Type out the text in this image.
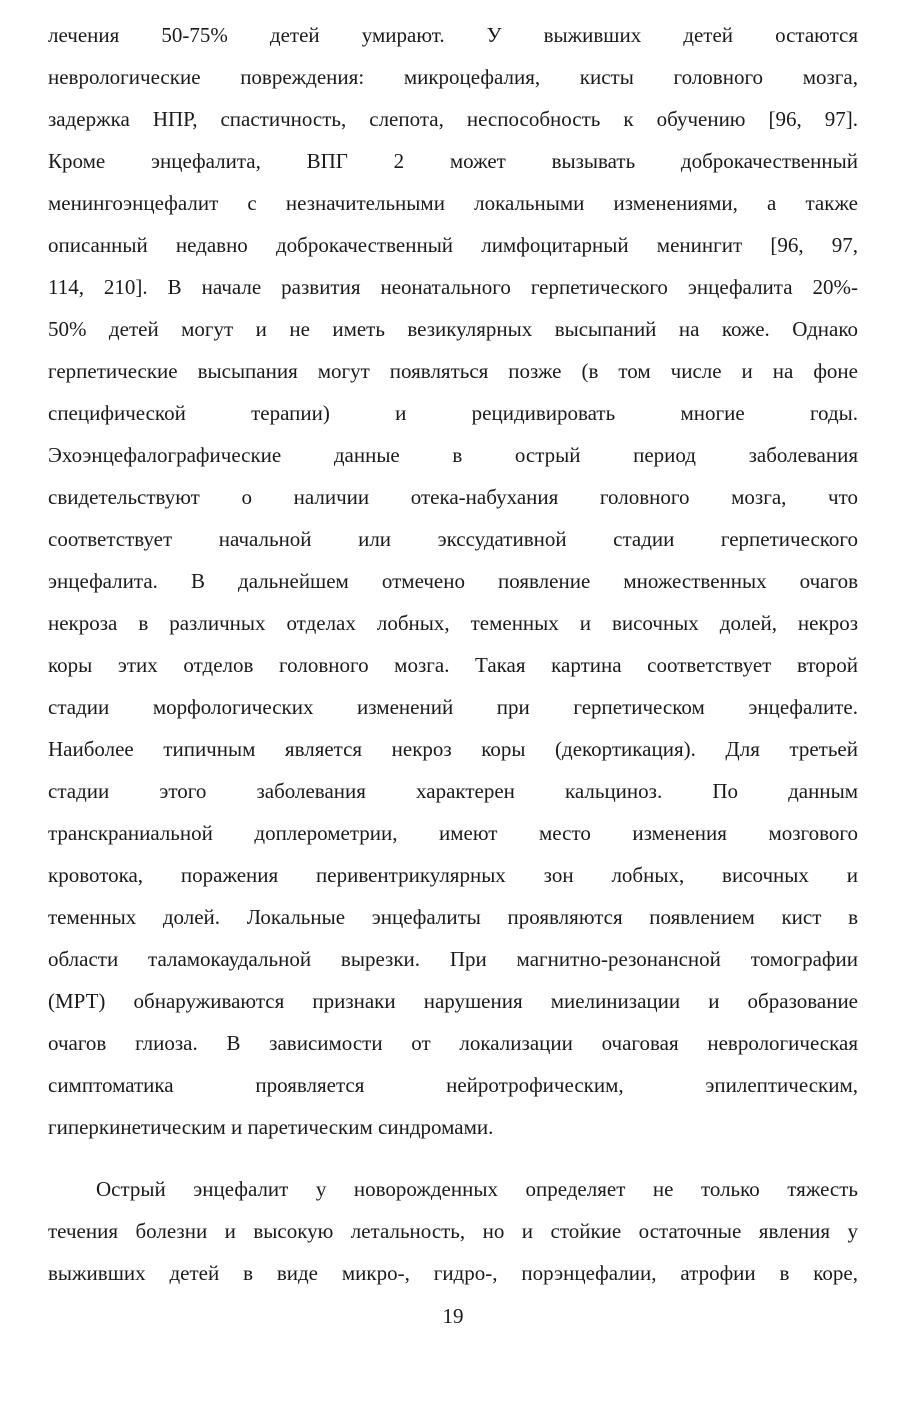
лечения 50-75% детей умирают. У выживших детей остаются
неврологические повреждения: микроцефалия, кисты головного мозга,
задержка НПР, спастичность, слепота, неспособность к обучению [96, 97].
Кроме энцефалита, ВПГ 2 может вызывать доброкачественный
менингоэнцефалит с незначительными локальными изменениями, а также
описанный недавно доброкачественный лимфоцитарный менингит [96, 97,
114, 210]. В начале развития неонатального герпетического энцефалита 20%-
50% детей могут и не иметь везикулярных высыпаний на коже. Однако
герпетические высыпания могут появляться позже (в том числе и на фоне
специфической терапии) и рецидивировать многие годы.
Эхоэнцефалографические данные в острый период заболевания
свидетельствуют о наличии отека-набухания головного мозга, что
соответствует начальной или экссудативной стадии герпетического
энцефалита. В дальнейшем отмечено появление множественных очагов
некроза в различных отделах лобных, теменных и височных долей, некроз
коры этих отделов головного мозга. Такая картина соответствует второй
стадии морфологических изменений при герпетическом энцефалите.
Наиболее типичным является некроз коры (декортикация). Для третьей
стадии этого заболевания характерен кальциноз. По данным
транскраниальной доплерометрии, имеют место изменения мозгового
кровотока, поражения перивентрикулярных зон лобных, височных и
теменных долей. Локальные энцефалиты проявляются появлением кист в
области таламокаудальной вырезки. При магнитно-резонансной томографии
(МРТ) обнаруживаются признаки нарушения миелинизации и образование
очагов глиоза. В зависимости от локализации очаговая неврологическая
симптоматика проявляется нейротрофическим, эпилептическим,
гиперкинетическим и паретическим синдромами.
Острый энцефалит у новорожденных определяет не только тяжесть
течения болезни и высокую летальность, но и стойкие остаточные явления у
выживших детей в виде микро-, гидро-, порэнцефалии, атрофии в коре,
19
